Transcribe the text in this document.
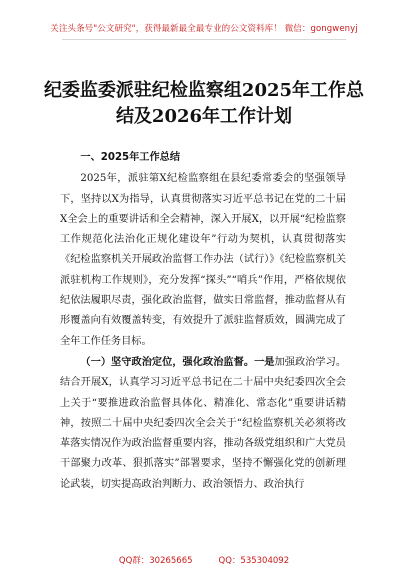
关注头条号"公文研究"，获得最新最全最专业的公文资料库！ 微信：gongwenyj
纪委监委派驻纪检监察组2025年工作总
结及2026年工作计划

一、2025年工作总结

2025年，派驻第X纪检监察组在县纪委常委会的坚强领导下，坚持以X为指导，认真贯彻落实习近平总书记在党的二十届X全会上的重要讲话和全会精神，深入开展X，以开展“纪检监察工作规范化法治化正规化建设年”行动为契机，认真贯彻落实《纪检监察机关开展政治监督工作办法（试行）》《纪检监察机关派驻机构工作规则》，充分发挥“探头”“哨兵”作用，严格依规依纪依法履职尽责，强化政治监督，做实日常监督，推动监督从有形覆盖向有效覆盖转变，有效提升了派驻监督质效，圆满完成了全年工作任务目标。

（一）坚守政治定位，强化政治监督。一是加强政治学习。结合开展X，认真学习习近平总书记在二十届中央纪委四次全会上关于“要推进政治监督具体化、精准化、常态化”重要讲话精神，按照二十届中央纪委四次全会关于“纪检监察机关必须将改革落实情况作为政治监督重要内容，推动各级党组织和广大党员干部聚力改革、狠抓落实”部署要求，坚持不懈强化党的创新理论武装，切实提高政治判断力、政治领悟力、政治执行

QQ群：30265665	QQ：535304092
